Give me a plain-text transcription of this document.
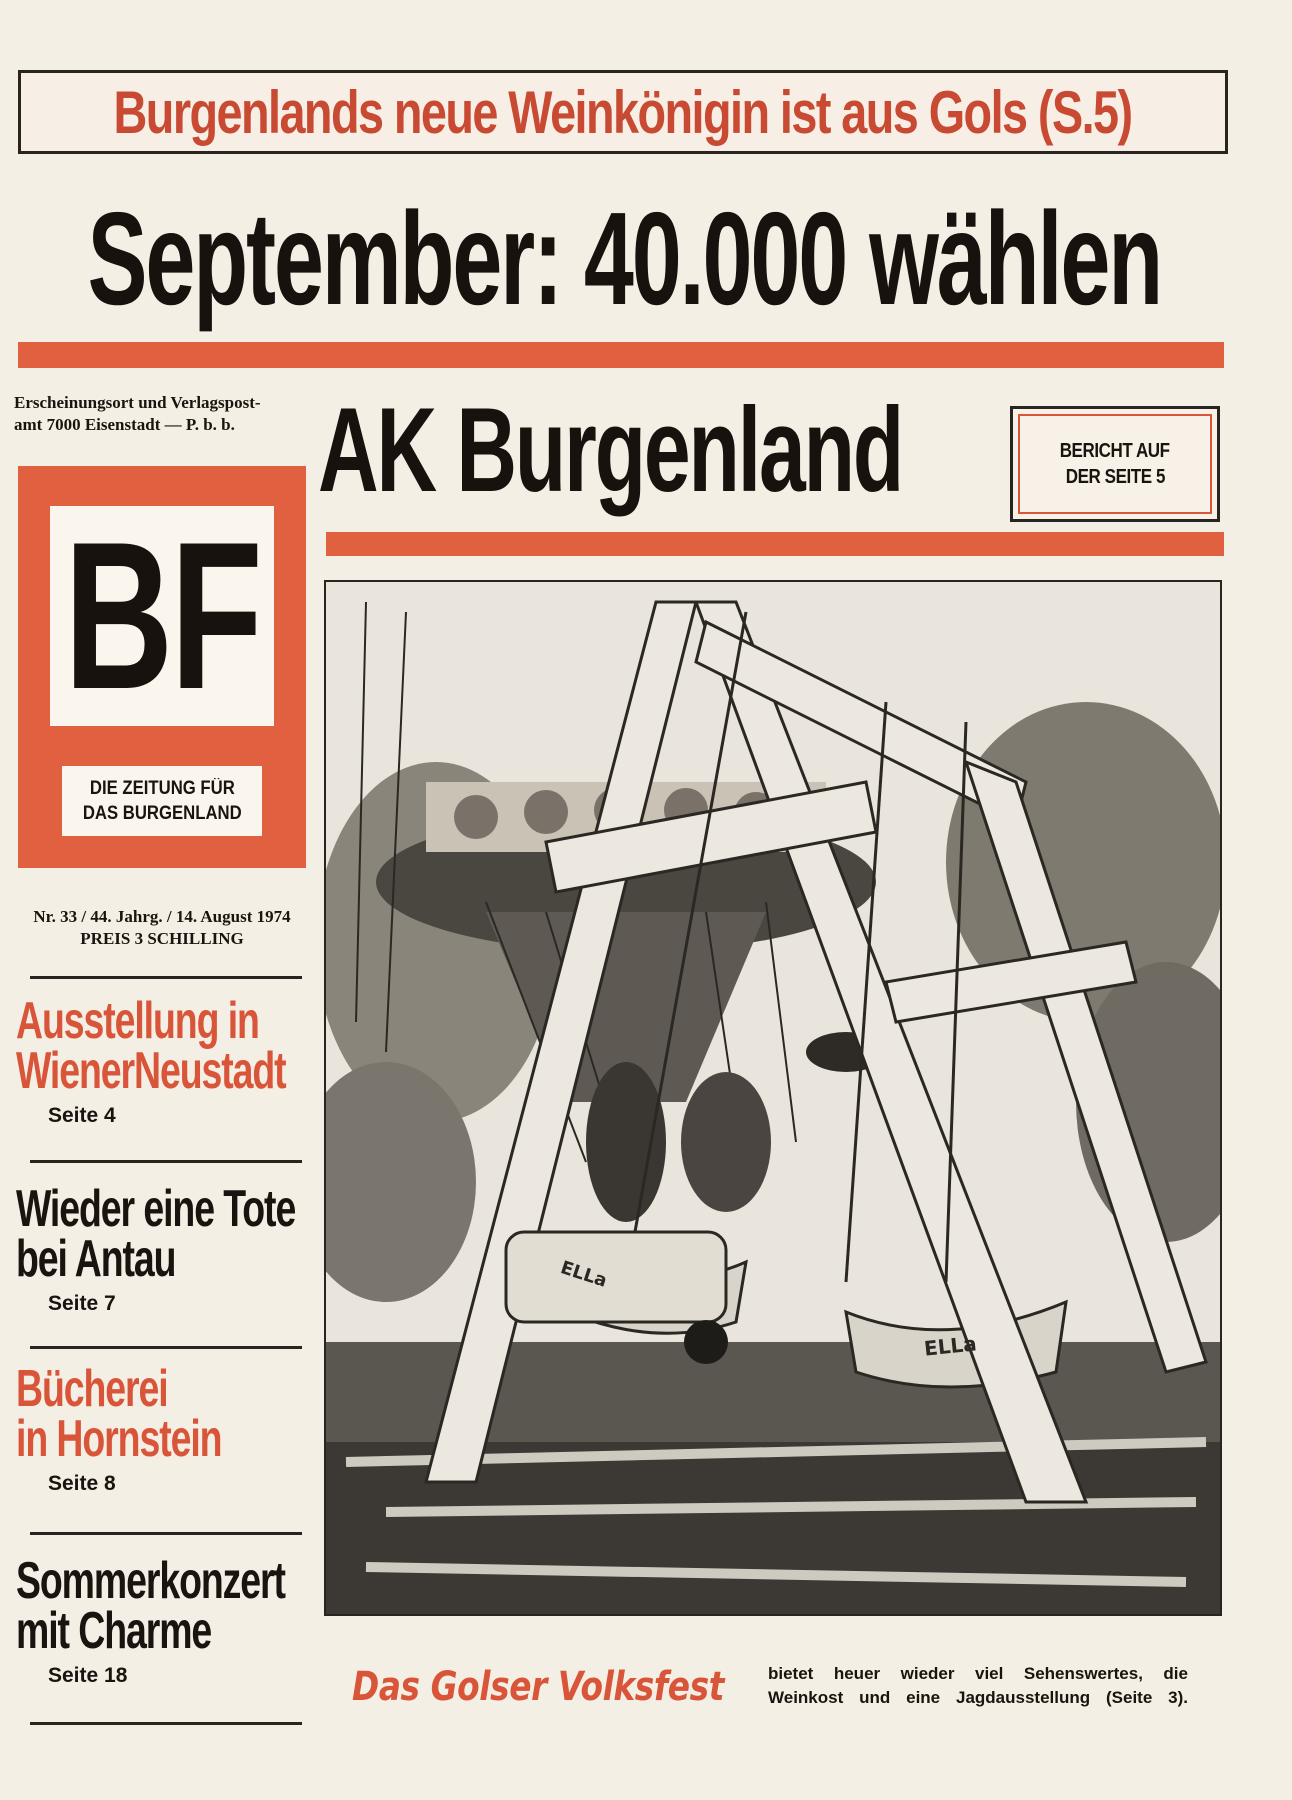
Burgenlands neue Weinkönigin ist aus Gols (S.5)
September: 40.000 wählen
Erscheinungsort und Verlagspost-
amt 7000 Eisenstadt — P. b. b. AK Burgenland	BERICHT AUF
DER SEITE 5
BF
DIE ZEITUNG FÜR
DAS BURGENLAND
Nr. 33 / 44. Jahrg. / 14. August 1974
PREIS 3 SCHILLING
Ausstellung in
WienerNeustadt
Seite 4
Wieder eine Tote
bei Antau
Seite 7
Bücherei
in Hornstein
Seite 8
Sommerkonzert
mit Charme
Seite 18
ELLa
ELLa
Das Golser Volksfest	bietet heuer wieder viel Sehenswertes, die Weinkost und eine Jagdausstellung (Seite 3).
